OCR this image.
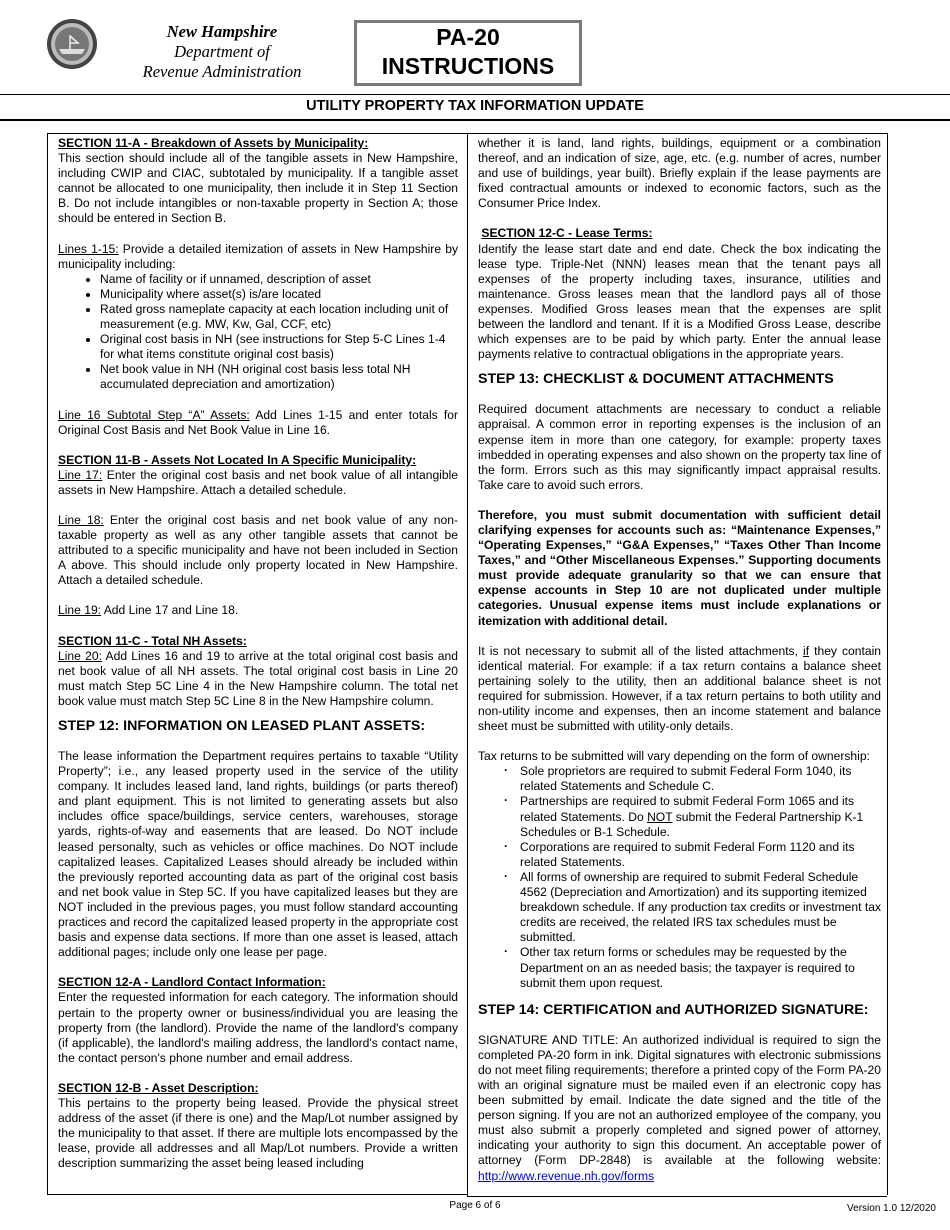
New Hampshire
Department of
Revenue Administration
PA-20
INSTRUCTIONS
UTILITY PROPERTY TAX INFORMATION UPDATE

SECTION 11-A - Breakdown of Assets by Municipality:

This section should include all of the tangible assets in New Hampshire, including CWIP and CIAC, subtotaled by municipality. If a tangible asset cannot be allocated to one municipality, then include it in Step 11 Section B. Do not include intangibles or non-taxable property in Section A; those should be entered in Section B.

Lines 1-15: Provide a detailed itemization of assets in New Hampshire by municipality including:

• Name of facility or if unnamed, description of asset
• Municipality where asset(s) is/are located
• Rated gross nameplate capacity at each location including unit of measurement (e.g. MW, Kw, Gal, CCF, etc)
• Original cost basis in NH (see instructions for Step 5-C Lines 1-4 for what items constitute original cost basis)
• Net book value in NH (NH original cost basis less total NH accumulated depreciation and amortization)

Line 16 Subtotal Step “A” Assets: Add Lines 1-15 and enter totals for Original Cost Basis and Net Book Value in Line 16.

SECTION 11-B - Assets Not Located In A Specific Municipality:

Line 17: Enter the original cost basis and net book value of all intangible assets in New Hampshire. Attach a detailed schedule.

Line 18: Enter the original cost basis and net book value of any non-taxable property as well as any other tangible assets that cannot be attributed to a specific municipality and have not been included in Section A above. This should include only property located in New Hampshire. Attach a detailed schedule.

Line 19: Add Line 17 and Line 18.

SECTION 11-C - Total NH Assets:

Line 20: Add Lines 16 and 19 to arrive at the total original cost basis and net book value of all NH assets. The total original cost basis in Line 20 must match Step 5C Line 4 in the New Hampshire column. The total net book value must match Step 5C Line 8 in the New Hampshire column.

STEP 12: INFORMATION ON LEASED PLANT ASSETS:

The lease information the Department requires pertains to taxable “Utility Property”; i.e., any leased property used in the service of the utility company. It includes leased land, land rights, buildings (or parts thereof) and plant equipment. This is not limited to generating assets but also includes office space/buildings, service centers, warehouses, storage yards, rights-of-way and easements that are leased. Do NOT include leased personalty, such as vehicles or office machines. Do NOT include capitalized leases. Capitalized Leases should already be included within the previously reported accounting data as part of the original cost basis and net book value in Step 5C. If you have capitalized leases but they are NOT included in the previous pages, you must follow standard accounting practices and record the capitalized leased property in the appropriate cost basis and expense data sections. If more than one asset is leased, attach additional pages; include only one lease per page.

SECTION 12-A - Landlord Contact Information:

Enter the requested information for each category. The information should pertain to the property owner or business/individual you are leasing the property from (the landlord). Provide the name of the landlord's company (if applicable), the landlord's mailing address, the landlord's contact name, the contact person's phone number and email address.

SECTION 12-B - Asset Description:

This pertains to the property being leased. Provide the physical street address of the asset (if there is one) and the Map/Lot number assigned by the municipality to that asset. If there are multiple lots encompassed by the lease, provide all addresses and all Map/Lot numbers. Provide a written description summarizing the asset being leased including

whether it is land, land rights, buildings, equipment or a combination thereof, and an indication of size, age, etc. (e.g. number of acres, number and use of buildings, year built). Briefly explain if the lease payments are fixed contractual amounts or indexed to economic factors, such as the Consumer Price Index.

SECTION 12-C - Lease Terms:

Identify the lease start date and end date. Check the box indicating the lease type. Triple-Net (NNN) leases mean that the tenant pays all expenses of the property including taxes, insurance, utilities and maintenance. Gross leases mean that the landlord pays all of those expenses. Modified Gross leases mean that the expenses are split between the landlord and tenant. If it is a Modified Gross Lease, describe which expenses are to be paid by which party. Enter the annual lease payments relative to contractual obligations in the appropriate years.

STEP 13: CHECKLIST & DOCUMENT ATTACHMENTS

Required document attachments are necessary to conduct a reliable appraisal. A common error in reporting expenses is the inclusion of an expense item in more than one category, for example: property taxes imbedded in operating expenses and also shown on the property tax line of the form. Errors such as this may significantly impact appraisal results. Take care to avoid such errors.

Therefore, you must submit documentation with sufficient detail clarifying expenses for accounts such as: “Maintenance Expenses,” “Operating Expenses,” “G&A Expenses,” “Taxes Other Than Income Taxes,” and “Other Miscellaneous Expenses.” Supporting documents must provide adequate granularity so that we can ensure that expense accounts in Step 10 are not duplicated under multiple categories. Unusual expense items must include explanations or itemization with additional detail.

It is not necessary to submit all of the listed attachments, if they contain identical material. For example: if a tax return contains a balance sheet pertaining solely to the utility, then an additional balance sheet is not required for submission. However, if a tax return pertains to both utility and non-utility income and expenses, then an income statement and balance sheet must be submitted with utility-only details.

Tax returns to be submitted will vary depending on the form of ownership:

· Sole proprietors are required to submit Federal Form 1040, its related Statements and Schedule C.
· Partnerships are required to submit Federal Form 1065 and its related Statements. Do NOT submit the Federal Partnership K-1 Schedules or B-1 Schedule.
· Corporations are required to submit Federal Form 1120 and its related Statements.
· All forms of ownership are required to submit Federal Schedule 4562 (Depreciation and Amortization) and its supporting itemized breakdown schedule. If any production tax credits or investment tax credits are received, the related IRS tax schedules must be submitted.
· Other tax return forms or schedules may be requested by the Department on an as needed basis; the taxpayer is required to submit them upon request.

STEP 14: CERTIFICATION and AUTHORIZED SIGNATURE:

SIGNATURE AND TITLE: An authorized individual is required to sign the completed PA-20 form in ink. Digital signatures with electronic submissions do not meet filing requirements; therefore a printed copy of the Form PA-20 with an original signature must be mailed even if an electronic copy has been submitted by email. Indicate the date signed and the title of the person signing. If you are not an authorized employee of the company, you must also submit a properly completed and signed power of attorney, indicating your authority to sign this document. An acceptable power of attorney (Form DP-2848) is available at the following website: http://www.revenue.nh.gov/forms

Page 6 of 6	Version 1.0 12/2020
